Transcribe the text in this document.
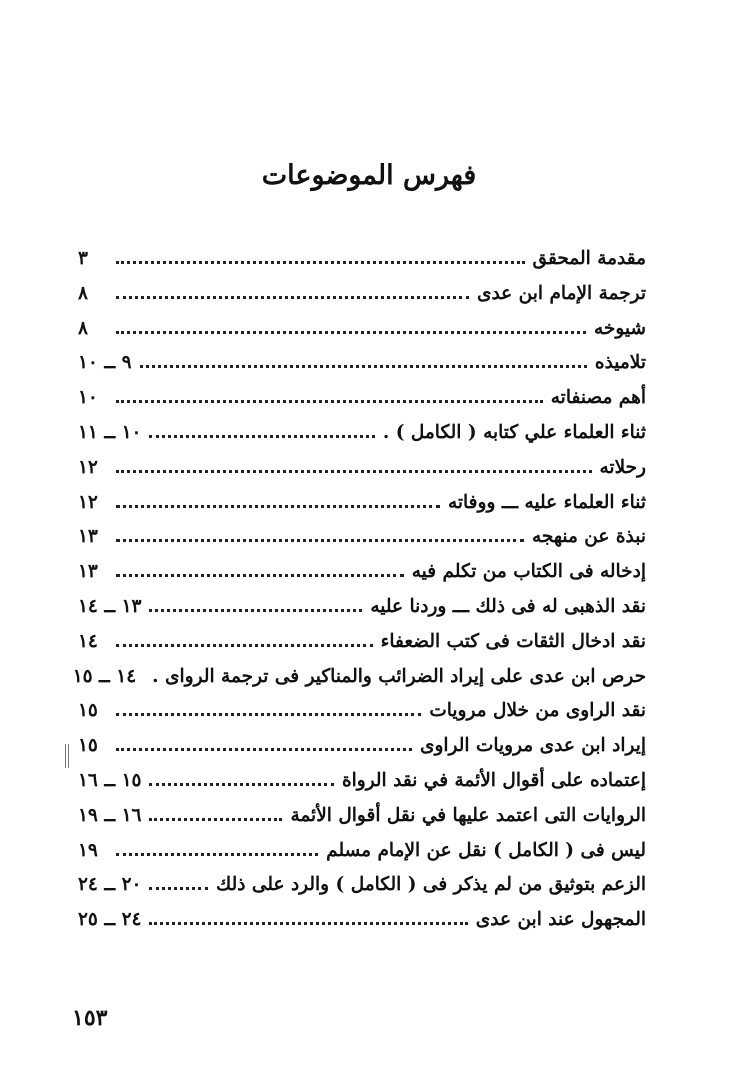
فهرس الموضوعات
مقدمة المحقق
٣
ترجمة الإمام ابن عدى
٨
شيوخه
٨
تلاميذه
٩ ــ ١٠
أهم مصنفاته
١٠
ثناء العلماء علي كتابه ( الكامل ) .
١٠ ــ ١١
رحلاته
١٢
ثناء العلماء عليه ـــ ووفاته
١٢
نبذة عن منهجه
١٣
إدخاله فى الكتاب من تكلم فيه
١٣
نقد الذهبى له فى ذلك ـــ وردنا عليه
١٣ ــ ١٤
نقد ادخال الثقات فى كتب الضعفاء
١٤
حرص ابن عدى على إيراد الضرائب والمناكير فى ترجمة الرواى .
١٤ ــ ١٥
نقد الراوى من خلال مرويات
١٥
إيراد ابن عدى مرويات الراوى
١٥
إعتماده على أقوال الأئمة في نقد الرواة
١٥ ــ ١٦
الروايات التى اعتمد عليها في نقل أقوال الأئمة
١٦ ــ ١٩
ليس فى ( الكامل ) نقل عن الإمام مسلم
١٩
الزعم بتوثيق من لم يذكر فى ( الكامل ) والرد على ذلك
٢٠ ــ ٢٤
المجهول عند ابن عدى
٢٤ ــ ٢٥
١٥٣
